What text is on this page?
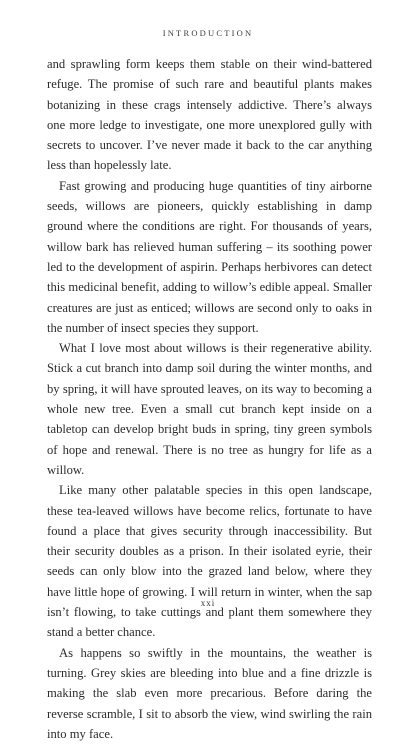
INTRODUCTION

and sprawling form keeps them stable on their wind-battered refuge. The promise of such rare and beautiful plants makes botanizing in these crags intensely addictive. There’s always one more ledge to investigate, one more unexplored gully with secrets to uncover. I’ve never made it back to the car anything less than hopelessly late.

Fast growing and producing huge quantities of tiny airborne seeds, willows are pioneers, quickly establishing in damp ground where the conditions are right. For thousands of years, willow bark has relieved human suffering – its soothing power led to the development of aspirin. Perhaps herbivores can detect this medicinal benefit, adding to willow’s edible appeal. Smaller creatures are just as enticed; willows are second only to oaks in the number of insect species they support.

What I love most about willows is their regenerative ability. Stick a cut branch into damp soil during the winter months, and by spring, it will have sprouted leaves, on its way to becoming a whole new tree. Even a small cut branch kept inside on a tabletop can develop bright buds in spring, tiny green symbols of hope and renewal. There is no tree as hungry for life as a willow.

Like many other palatable species in this open landscape, these tea-leaved willows have become relics, fortunate to have found a place that gives security through inaccessibility. But their security doubles as a prison. In their isolated eyrie, their seeds can only blow into the grazed land below, where they have little hope of growing. I will return in winter, when the sap isn’t flowing, to take cuttings and plant them somewhere they stand a better chance.

As happens so swiftly in the mountains, the weather is turning. Grey skies are bleeding into blue and a fine drizzle is making the slab even more precarious. Before daring the reverse scramble, I sit to absorb the view, wind swirling the rain into my face.

xxi
